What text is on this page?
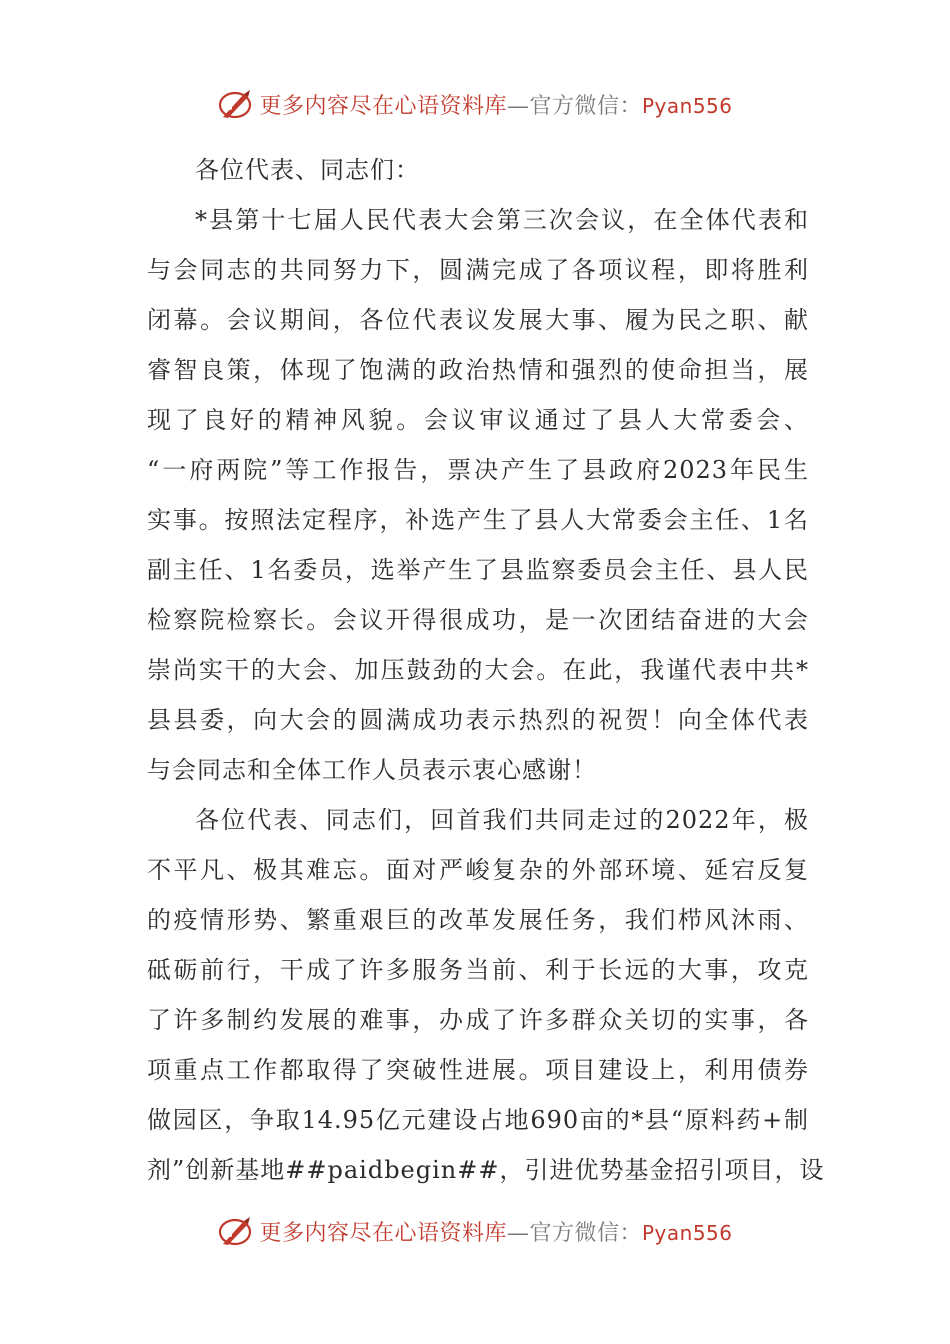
更多内容尽在心语资料库—官方微信：Pyan556
各位代表、同志们：
*县第十七届人民代表大会第三次会议，在全体代表和
与会同志的共同努力下，圆满完成了各项议程，即将胜利
闭幕。会议期间，各位代表议发展大事、履为民之职、献
睿智良策，体现了饱满的政治热情和强烈的使命担当，展
现了良好的精神风貌。会议审议通过了县人大常委会、
“一府两院”等工作报告，票决产生了县政府2023年民生
实事。按照法定程序，补选产生了县人大常委会主任、1名
副主任、1名委员，选举产生了县监察委员会主任、县人民
检察院检察长。会议开得很成功，是一次团结奋进的大会
崇尚实干的大会、加压鼓劲的大会。在此，我谨代表中共*
县县委，向大会的圆满成功表示热烈的祝贺！向全体代表
与会同志和全体工作人员表示衷心感谢！
各位代表、同志们，回首我们共同走过的2022年，极
不平凡、极其难忘。面对严峻复杂的外部环境、延宕反复
的疫情形势、繁重艰巨的改革发展任务，我们栉风沐雨、
砥砺前行，干成了许多服务当前、利于长远的大事，攻克
了许多制约发展的难事，办成了许多群众关切的实事，各
项重点工作都取得了突破性进展。项目建设上，利用债券
做园区，争取14.95亿元建设占地690亩的*县“原料药+制
剂”创新基地##paidbegin##，引进优势基金招引项目，设
更多内容尽在心语资料库—官方微信：Pyan556
